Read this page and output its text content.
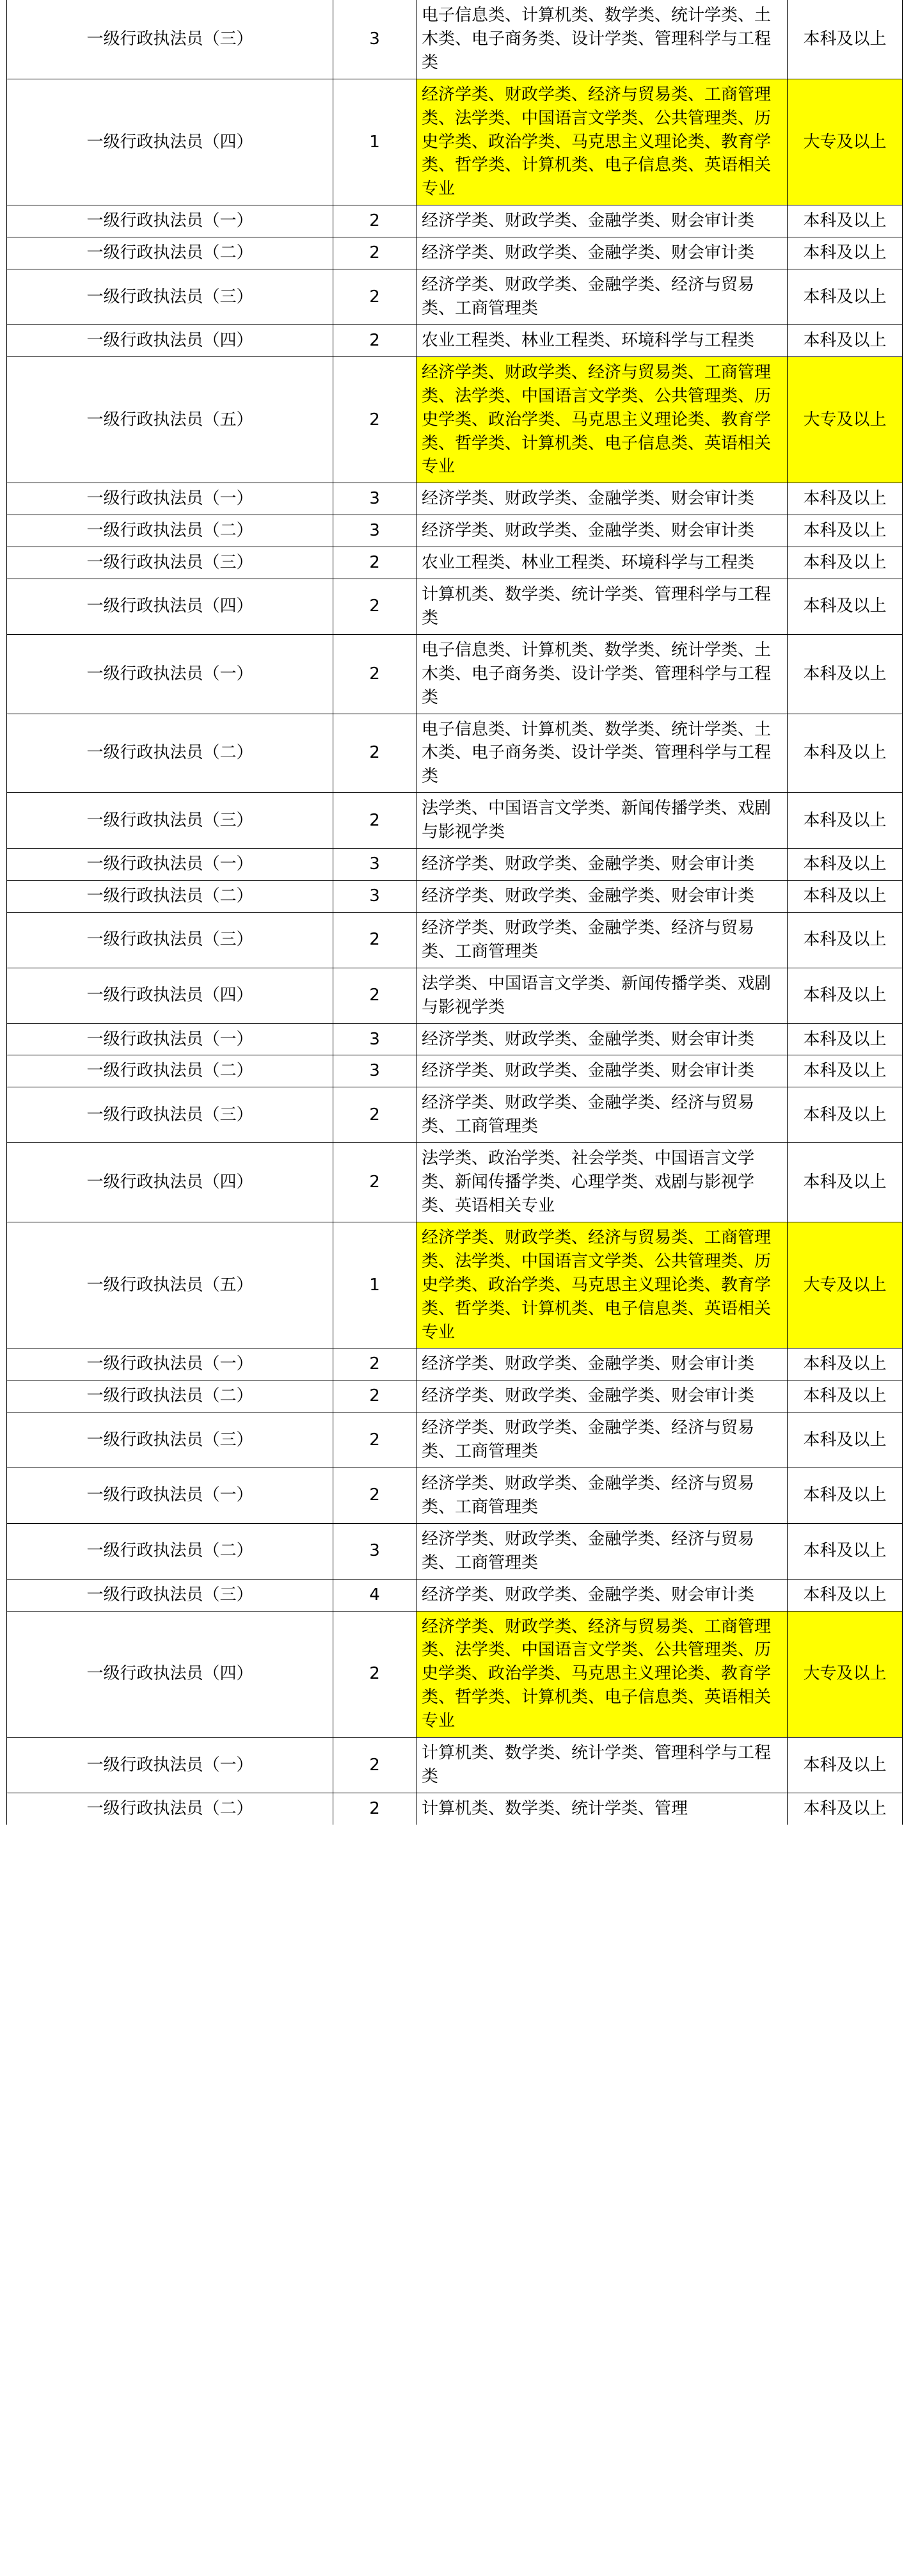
一级行政执法员（三）	3	电子信息类、计算机类、数学类、统计学类、土木类、电子商务类、设计学类、管理科学与工程类	本科及以上
一级行政执法员（四）	1	经济学类、财政学类、经济与贸易类、工商管理类、法学类、中国语言文学类、公共管理类、历史学类、政治学类、马克思主义理论类、教育学类、哲学类、计算机类、电子信息类、英语相关专业	大专及以上
一级行政执法员（一）	2	经济学类、财政学类、金融学类、财会审计类	本科及以上
一级行政执法员（二）	2	经济学类、财政学类、金融学类、财会审计类	本科及以上
一级行政执法员（三）	2	经济学类、财政学类、金融学类、经济与贸易类、工商管理类	本科及以上
一级行政执法员（四）	2	农业工程类、林业工程类、环境科学与工程类	本科及以上
一级行政执法员（五）	2	经济学类、财政学类、经济与贸易类、工商管理类、法学类、中国语言文学类、公共管理类、历史学类、政治学类、马克思主义理论类、教育学类、哲学类、计算机类、电子信息类、英语相关专业	大专及以上
一级行政执法员（一）	3	经济学类、财政学类、金融学类、财会审计类	本科及以上
一级行政执法员（二）	3	经济学类、财政学类、金融学类、财会审计类	本科及以上
一级行政执法员（三）	2	农业工程类、林业工程类、环境科学与工程类	本科及以上
一级行政执法员（四）	2	计算机类、数学类、统计学类、管理科学与工程类	本科及以上
一级行政执法员（一）	2	电子信息类、计算机类、数学类、统计学类、土木类、电子商务类、设计学类、管理科学与工程类	本科及以上
一级行政执法员（二）	2	电子信息类、计算机类、数学类、统计学类、土木类、电子商务类、设计学类、管理科学与工程类	本科及以上
一级行政执法员（三）	2	法学类、中国语言文学类、新闻传播学类、戏剧与影视学类	本科及以上
一级行政执法员（一）	3	经济学类、财政学类、金融学类、财会审计类	本科及以上
一级行政执法员（二）	3	经济学类、财政学类、金融学类、财会审计类	本科及以上
一级行政执法员（三）	2	经济学类、财政学类、金融学类、经济与贸易类、工商管理类	本科及以上
一级行政执法员（四）	2	法学类、中国语言文学类、新闻传播学类、戏剧与影视学类	本科及以上
一级行政执法员（一）	3	经济学类、财政学类、金融学类、财会审计类	本科及以上
一级行政执法员（二）	3	经济学类、财政学类、金融学类、财会审计类	本科及以上
一级行政执法员（三）	2	经济学类、财政学类、金融学类、经济与贸易类、工商管理类	本科及以上
一级行政执法员（四）	2	法学类、政治学类、社会学类、中国语言文学类、新闻传播学类、心理学类、戏剧与影视学类、英语相关专业	本科及以上
一级行政执法员（五）	1	经济学类、财政学类、经济与贸易类、工商管理类、法学类、中国语言文学类、公共管理类、历史学类、政治学类、马克思主义理论类、教育学类、哲学类、计算机类、电子信息类、英语相关专业	大专及以上
一级行政执法员（一）	2	经济学类、财政学类、金融学类、财会审计类	本科及以上
一级行政执法员（二）	2	经济学类、财政学类、金融学类、财会审计类	本科及以上
一级行政执法员（三）	2	经济学类、财政学类、金融学类、经济与贸易类、工商管理类	本科及以上
一级行政执法员（一）	2	经济学类、财政学类、金融学类、经济与贸易类、工商管理类	本科及以上
一级行政执法员（二）	3	经济学类、财政学类、金融学类、经济与贸易类、工商管理类	本科及以上
一级行政执法员（三）	4	经济学类、财政学类、金融学类、财会审计类	本科及以上
一级行政执法员（四）	2	经济学类、财政学类、经济与贸易类、工商管理类、法学类、中国语言文学类、公共管理类、历史学类、政治学类、马克思主义理论类、教育学类、哲学类、计算机类、电子信息类、英语相关专业	大专及以上
一级行政执法员（一）	2	计算机类、数学类、统计学类、管理科学与工程类	本科及以上
一级行政执法员（二）	2	计算机类、数学类、统计学类、管理	本科及以上
